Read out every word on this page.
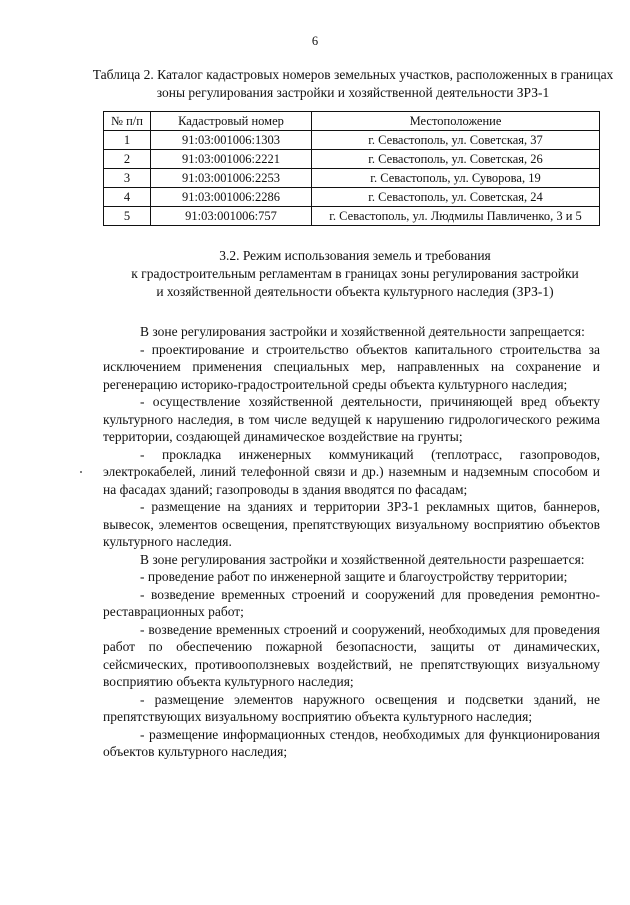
6
Таблица 2. Каталог кадастровых номеров земельных участков, расположенных в границах зоны регулирования застройки и хозяйственной деятельности ЗРЗ-1
№ п/п	Кадастровый номер	Местоположение
1	91:03:001006:1303	г. Севастополь, ул. Советская, 37
2	91:03:001006:2221	г. Севастополь, ул. Советская, 26
3	91:03:001006:2253	г. Севастополь, ул. Суворова, 19
4	91:03:001006:2286	г. Севастополь, ул. Советская, 24
5	91:03:001006:757	г. Севастополь, ул. Людмилы Павличенко, 3 и 5
3.2. Режим использования земель и требования
к градостроительным регламентам в границах зоны регулирования застройки
и хозяйственной деятельности объекта культурного наследия (ЗРЗ-1)

В зоне регулирования застройки и хозяйственной деятельности запрещается:

- проектирование и строительство объектов капитального строительства за исключением применения специальных мер, направленных на сохранение и регенерацию историко-градостроительной среды объекта культурного наследия;

- осуществление хозяйственной деятельности, причиняющей вред объекту культурного наследия, в том числе ведущей к нарушению гидрологического режима территории, создающей динамическое воздействие на грунты;

- прокладка инженерных коммуникаций (теплотрасс, газопроводов, электрокабелей, линий телефонной связи и др.) наземным и надземным способом и на фасадах зданий; газопроводы в здания вводятся по фасадам;

- размещение на зданиях и территории ЗРЗ-1 рекламных щитов, баннеров, вывесок, элементов освещения, препятствующих визуальному восприятию объектов культурного наследия.

В зоне регулирования застройки и хозяйственной деятельности разрешается:

- проведение работ по инженерной защите и благоустройству территории;

- возведение временных строений и сооружений для проведения ремонтно-реставрационных работ;

- возведение временных строений и сооружений, необходимых для проведения работ по обеспечению пожарной безопасности, защиты от динамических, сейсмических, противооползневых воздействий, не препятствующих визуальному восприятию объекта культурного наследия;

- размещение элементов наружного освещения и подсветки зданий, не препятствующих визуальному восприятию объекта культурного наследия;

- размещение информационных стендов, необходимых для функционирования объектов культурного наследия;
